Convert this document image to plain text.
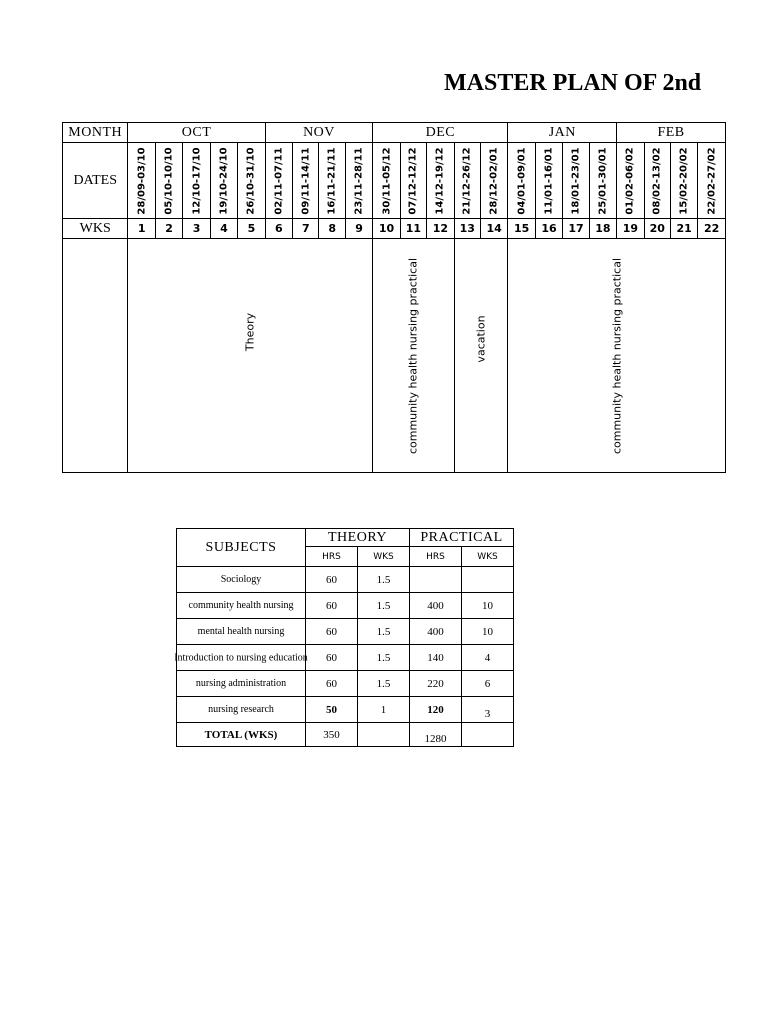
MASTER PLAN OF 2nd
MONTH	OCT					NOV				DEC					JAN				FEB			
DATES	28/09-03/10	05/10-10/10	12/10-17/10	19/10-24/10	26/10-31/10	02/11-07/11	09/11-14/11	16/11-21/11	23/11-28/11	30/11-05/12	07/12-12/12	14/12-19/12	21/12-26/12	28/12-02/01	04/01-09/01	11/01-16/01	18/01-23/01	25/01-30/01	01/02-06/02	08/02-13/02	15/02-20/02	22/02-27/02

WKS	1	2	3	4	5	6	7	8	9	10	11	12	13	14	15	16	17	18	19	20	21	22

	Theory									community health nursing practical			vacation		community health nursing practical							
SUBJECTS	THEORY		PRACTICAL	
	HRS	WKS	HRS	WKS
Sociology	60	1.5		
community health nursing	60	1.5	400	10
mental health nursing	60	1.5	400	10

Introduction to nursing education	60	1.5	140	4
nursing administration	60	1.5	220	6
nursing research	50	1	120	3
TOTAL (WKS)	350		1280	
